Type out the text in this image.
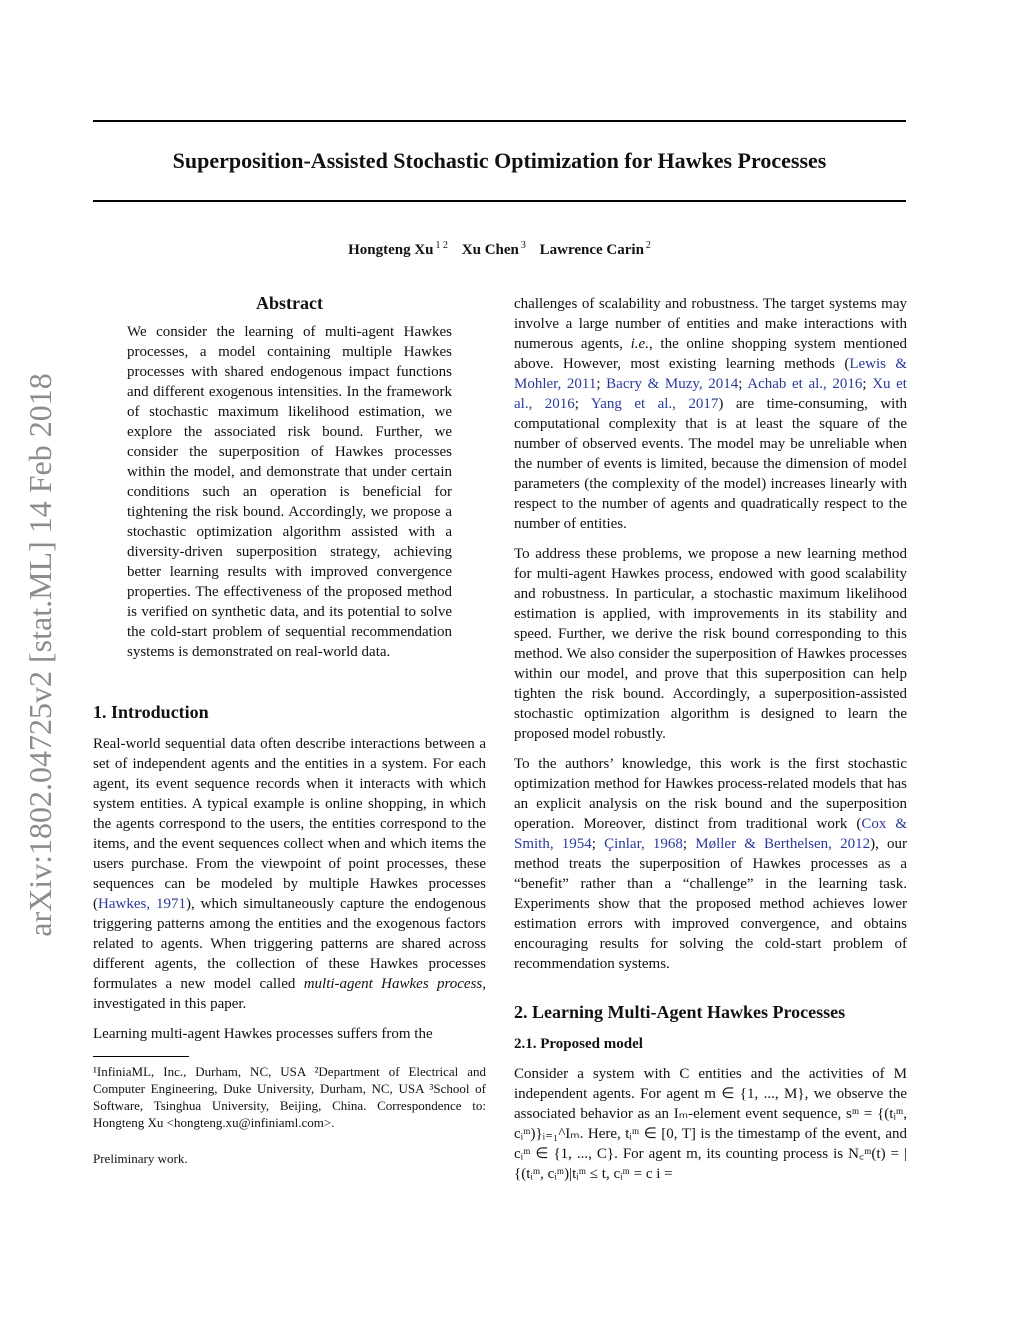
arXiv:1802.04725v2 [stat.ML] 14 Feb 2018
Superposition-Assisted Stochastic Optimization for Hawkes Processes
Hongteng Xu $^{1 2}$ Xu Chen $^3$ Lawrence Carin $^2$
Abstract

We consider the learning of multi-agent Hawkes processes, a model containing multiple Hawkes processes with shared endogenous impact functions and different exogenous intensities. In the framework of stochastic maximum likelihood estimation, we explore the associated risk bound. Further, we consider the superposition of Hawkes processes within the model, and demonstrate that under certain conditions such an operation is beneficial for tightening the risk bound. Accordingly, we propose a stochastic optimization algorithm assisted with a diversity-driven superposition strategy, achieving better learning results with improved convergence properties. The effectiveness of the proposed method is verified on synthetic data, and its potential to solve the cold-start problem of sequential recommendation systems is demonstrated on real-world data.

1. Introduction

Real-world sequential data often describe interactions between a set of independent agents and the entities in a system. For each agent, its event sequence records when it interacts with which system entities. A typical example is online shopping, in which the agents correspond to the users, the entities correspond to the items, and the event sequences collect when and which items the users purchase. From the viewpoint of point processes, these sequences can be modeled by multiple Hawkes processes (Hawkes, 1971), which simultaneously capture the endogenous triggering patterns among the entities and the exogenous factors related to agents. When triggering patterns are shared across different agents, the collection of these Hawkes processes formulates a new model called multi-agent Hawkes process, investigated in this paper.

Learning multi-agent Hawkes processes suffers from the

¹InfiniaML, Inc., Durham, NC, USA ²Department of Electrical and Computer Engineering, Duke University, Durham, NC, USA ³School of Software, Tsinghua University, Beijing, China. Correspondence to: Hongteng Xu <hongteng.xu@infiniaml.com>.

Preliminary work.

challenges of scalability and robustness. The target systems may involve a large number of entities and make interactions with numerous agents, i.e., the online shopping system mentioned above. However, most existing learning methods (Lewis & Mohler, 2011; Bacry & Muzy, 2014; Achab et al., 2016; Xu et al., 2016; Yang et al., 2017) are time-consuming, with computational complexity that is at least the square of the number of observed events. The model may be unreliable when the number of events is limited, because the dimension of model parameters (the complexity of the model) increases linearly with respect to the number of agents and quadratically respect to the number of entities.

To address these problems, we propose a new learning method for multi-agent Hawkes process, endowed with good scalability and robustness. In particular, a stochastic maximum likelihood estimation is applied, with improvements in its stability and speed. Further, we derive the risk bound corresponding to this method. We also consider the superposition of Hawkes processes within our model, and prove that this superposition can help tighten the risk bound. Accordingly, a superposition-assisted stochastic optimization algorithm is designed to learn the proposed model robustly.

To the authors’ knowledge, this work is the first stochastic optimization method for Hawkes process-related models that has an explicit analysis on the risk bound and the superposition operation. Moreover, distinct from traditional work (Cox & Smith, 1954; Çinlar, 1968; Møller & Berthelsen, 2012), our method treats the superposition of Hawkes processes as a “benefit” rather than a “challenge” in the learning task. Experiments show that the proposed method achieves lower estimation errors with improved convergence, and obtains encouraging results for solving the cold-start problem of recommendation systems.

2. Learning Multi-Agent Hawkes Processes
2.1. Proposed model

Consider a system with C entities and the activities of M independent agents. For agent m ∈ {1, ..., M}, we observe the associated behavior as an Iₘ-element event sequence, sᵐ = {(tᵢᵐ, cᵢᵐ)}ᵢ₌₁^Iₘ. Here, tᵢᵐ ∈ [0, T] is the timestamp of the event, and cᵢᵐ ∈ {1, ..., C}. For agent m, its counting process is N꜀ᵐ(t) = |{(tᵢᵐ, cᵢᵐ)|tᵢᵐ ≤ t, cᵢᵐ = c i =
